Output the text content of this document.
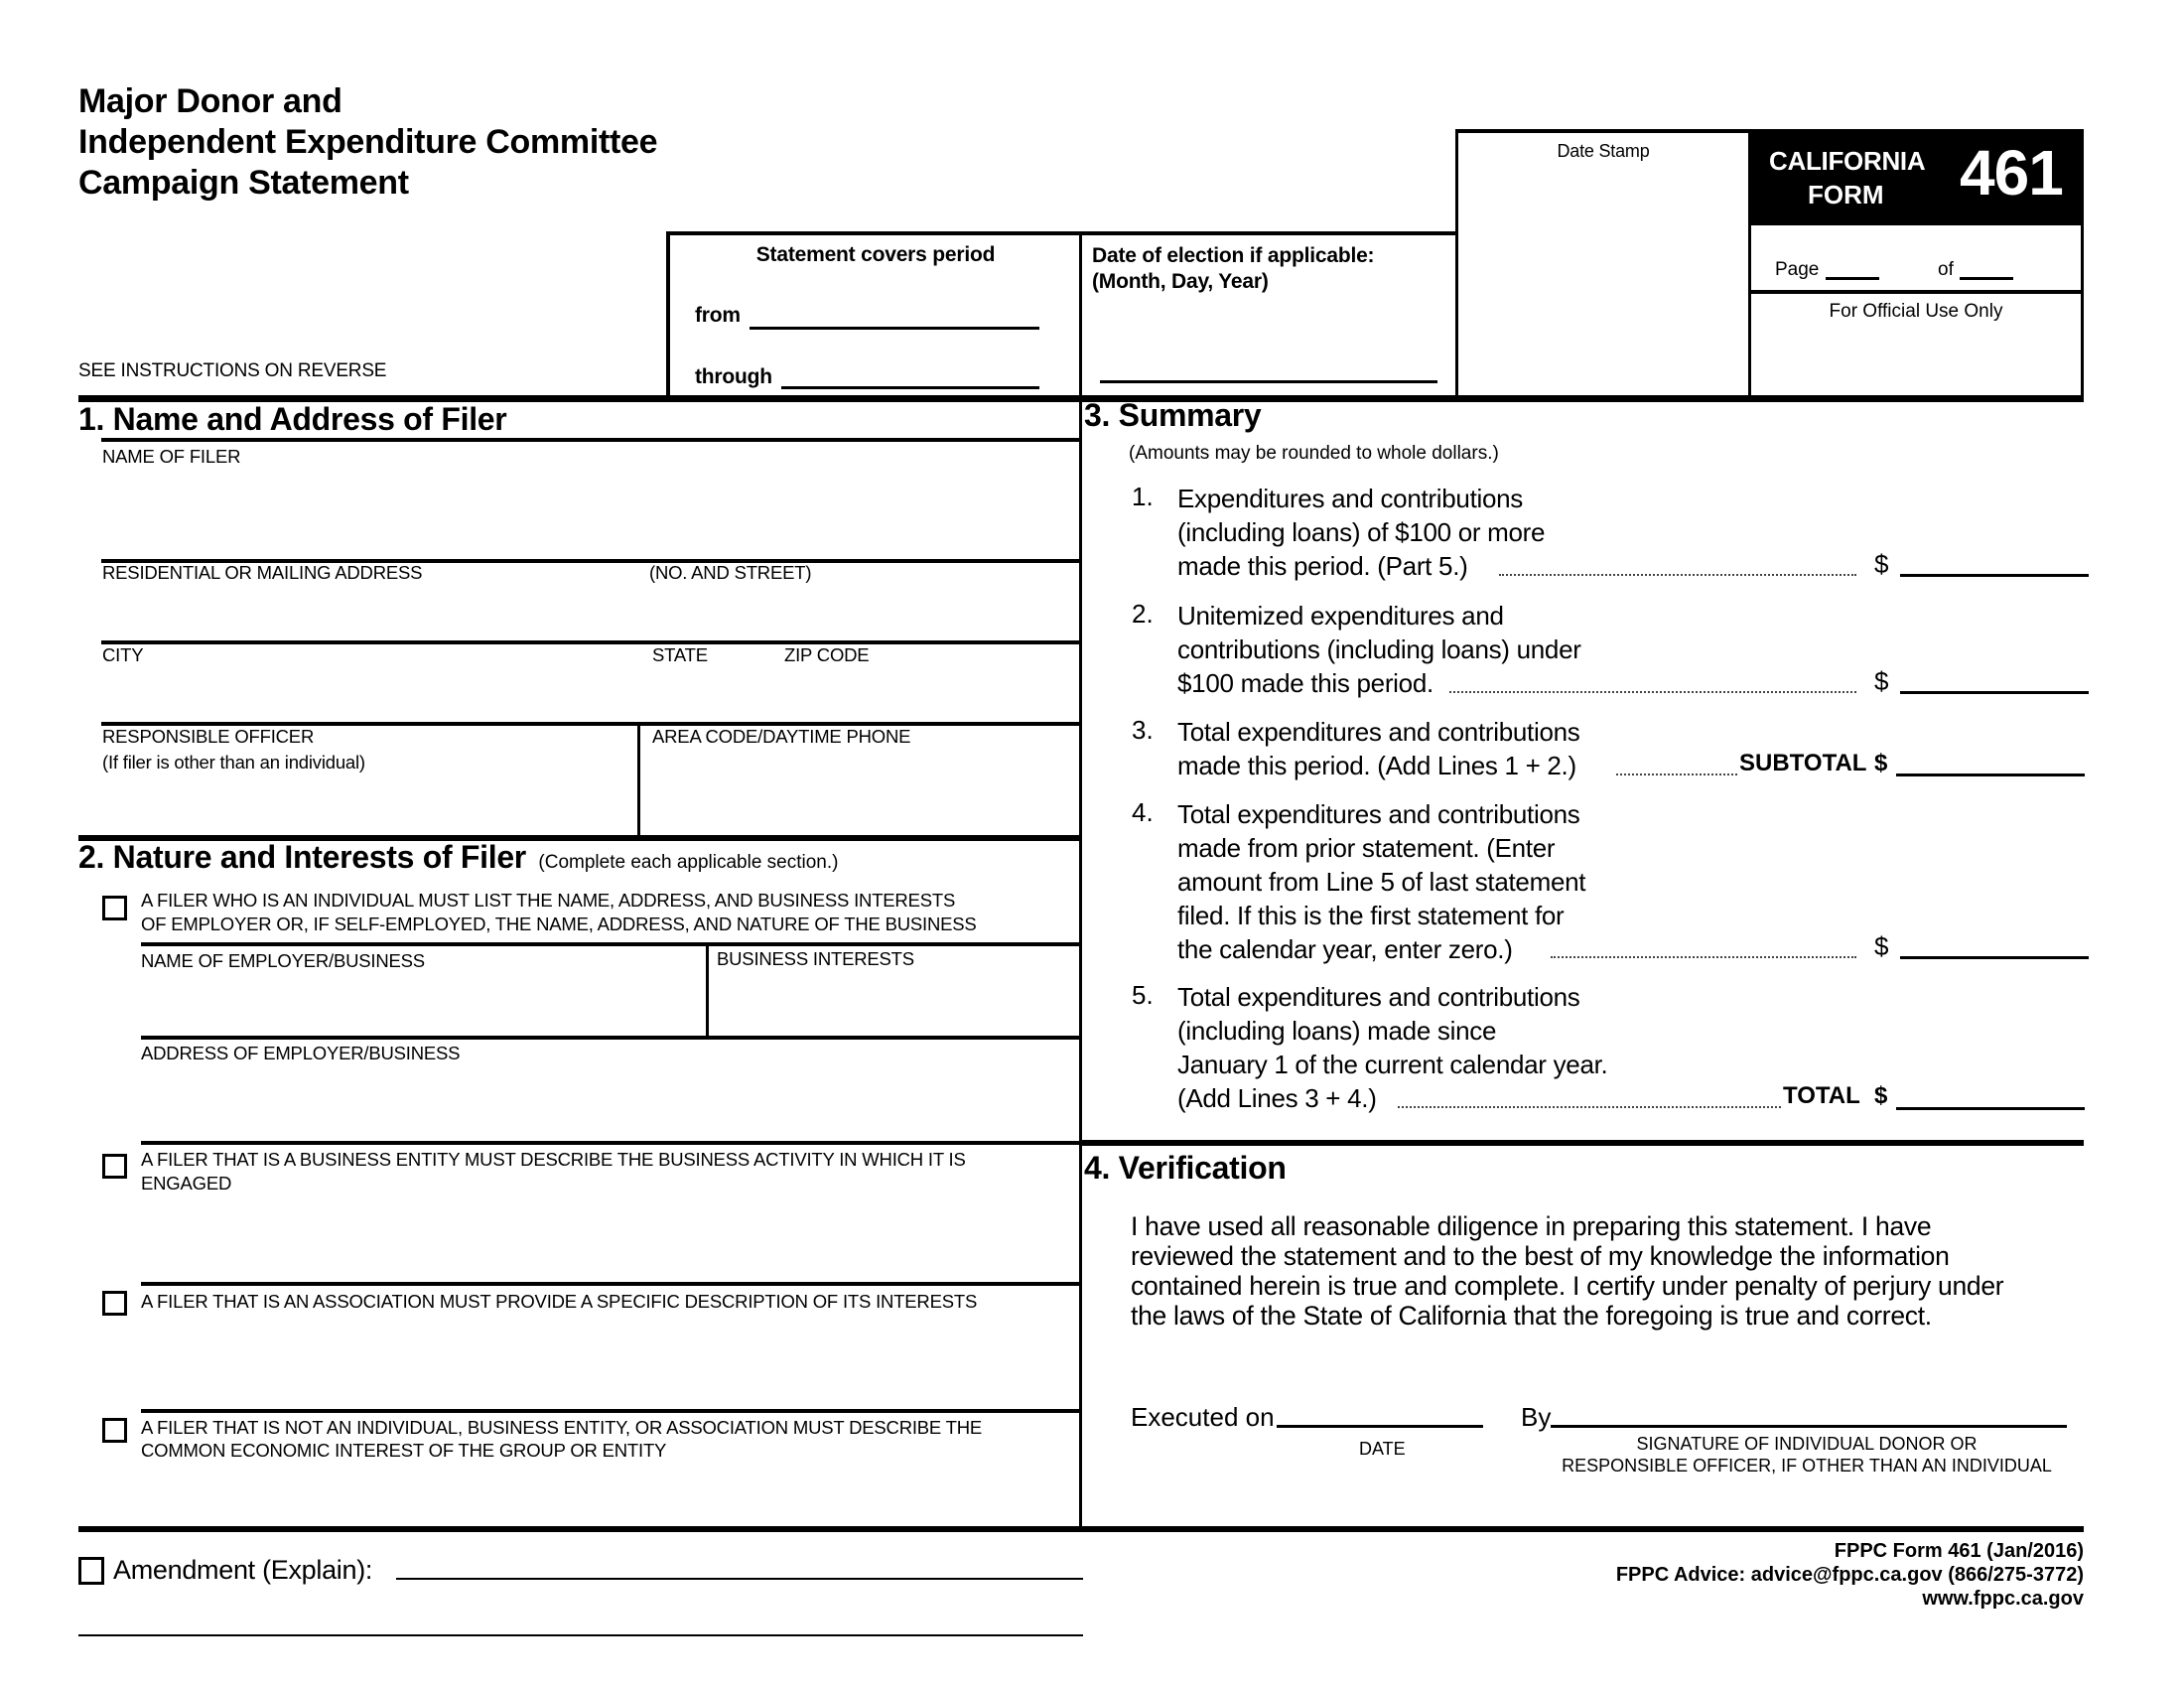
Major Donor and
Independent Expenditure Committee
Campaign Statement
SEE INSTRUCTIONS ON REVERSE
Statement covers period
from
through
Date of election if applicable:
(Month, Day, Year)
Date Stamp	CALIFORNIA
FORM 461
Page	of
For Official Use Only
1. Name and Address of Filer
NAME OF FILER
RESIDENTIAL OR MAILING ADDRESS	(NO. AND STREET)
CITY	STATE	ZIP CODE
RESPONSIBLE OFFICER
(If filer is other than an individual)
AREA CODE/DAYTIME PHONE
2. Nature and Interests of Filer (Complete each applicable section.)
A FILER WHO IS AN INDIVIDUAL MUST LIST THE NAME, ADDRESS, AND BUSINESS INTERESTS
OF EMPLOYER OR, IF SELF-EMPLOYED, THE NAME, ADDRESS, AND NATURE OF THE BUSINESS
NAME OF EMPLOYER/BUSINESS	BUSINESS INTERESTS
ADDRESS OF EMPLOYER/BUSINESS
A FILER THAT IS A BUSINESS ENTITY MUST DESCRIBE THE BUSINESS ACTIVITY IN WHICH IT IS
ENGAGED
A FILER THAT IS AN ASSOCIATION MUST PROVIDE A SPECIFIC DESCRIPTION OF ITS INTERESTS
A FILER THAT IS NOT AN INDIVIDUAL, BUSINESS ENTITY, OR ASSOCIATION MUST DESCRIBE THE
COMMON ECONOMIC INTEREST OF THE GROUP OR ENTITY
3. Summary
(Amounts may be rounded to whole dollars.)
1. Expenditures and contributions
(including loans) of $100 or more
made this period. (Part 5.)	$
2. Unitemized expenditures and
contributions (including loans) under
$100 made this period.	$
3. Total expenditures and contributions
made this period. (Add Lines 1 + 2.)	SUBTOTAL $
4. Total expenditures and contributions
made from prior statement. (Enter
amount from Line 5 of last statement
filed. If this is the first statement for
the calendar year, enter zero.)	$
5. Total expenditures and contributions
(including loans) made since
January 1 of the current calendar year.
(Add Lines 3 + 4.)	TOTAL $
4. Verification
I have used all reasonable diligence in preparing this statement. I have
reviewed the statement and to the best of my knowledge the information
contained herein is true and complete. I certify under penalty of perjury under
the laws of the State of California that the foregoing is true and correct.
Executed on
DATE
By
SIGNATURE OF INDIVIDUAL DONOR OR
RESPONSIBLE OFFICER, IF OTHER THAN AN INDIVIDUAL
Amendment (Explain):
FPPC Form 461 (Jan/2016)
FPPC Advice: advice@fppc.ca.gov (866/275-3772)
www.fppc.ca.gov
